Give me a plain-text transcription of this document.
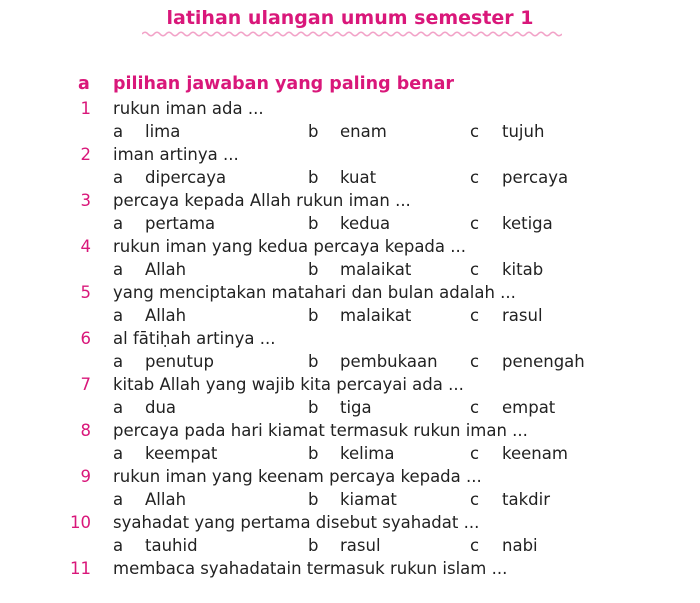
latihan ulangan umum semester 1
a pilihan jawaban yang paling benar
1 rukun iman ada ...
a lima	b enam	c tujuh
2 iman artinya ...
a dipercaya	b kuat	c percaya
3 percaya kepada Allah rukun iman ...
a pertama	b kedua	c ketiga
4 rukun iman yang kedua percaya kepada ...
a Allah	b malaikat	c kitab
5 yang menciptakan matahari dan bulan adalah ...
a Allah	b malaikat	c rasul
6 al fātiḥah artinya ...
a penutup	b pembukaan c penengah
7 kitab Allah yang wajib kita percayai ada ...
a dua	b tiga	c empat
8 percaya pada hari kiamat termasuk rukun iman ...
a keempat	b kelima	c keenam
9 rukun iman yang keenam percaya kepada ...
a Allah	b kiamat	c takdir
10 syahadat yang pertama disebut syahadat ...
a tauhid	b rasul	c nabi
11 membaca syahadatain termasuk rukun islam ...
